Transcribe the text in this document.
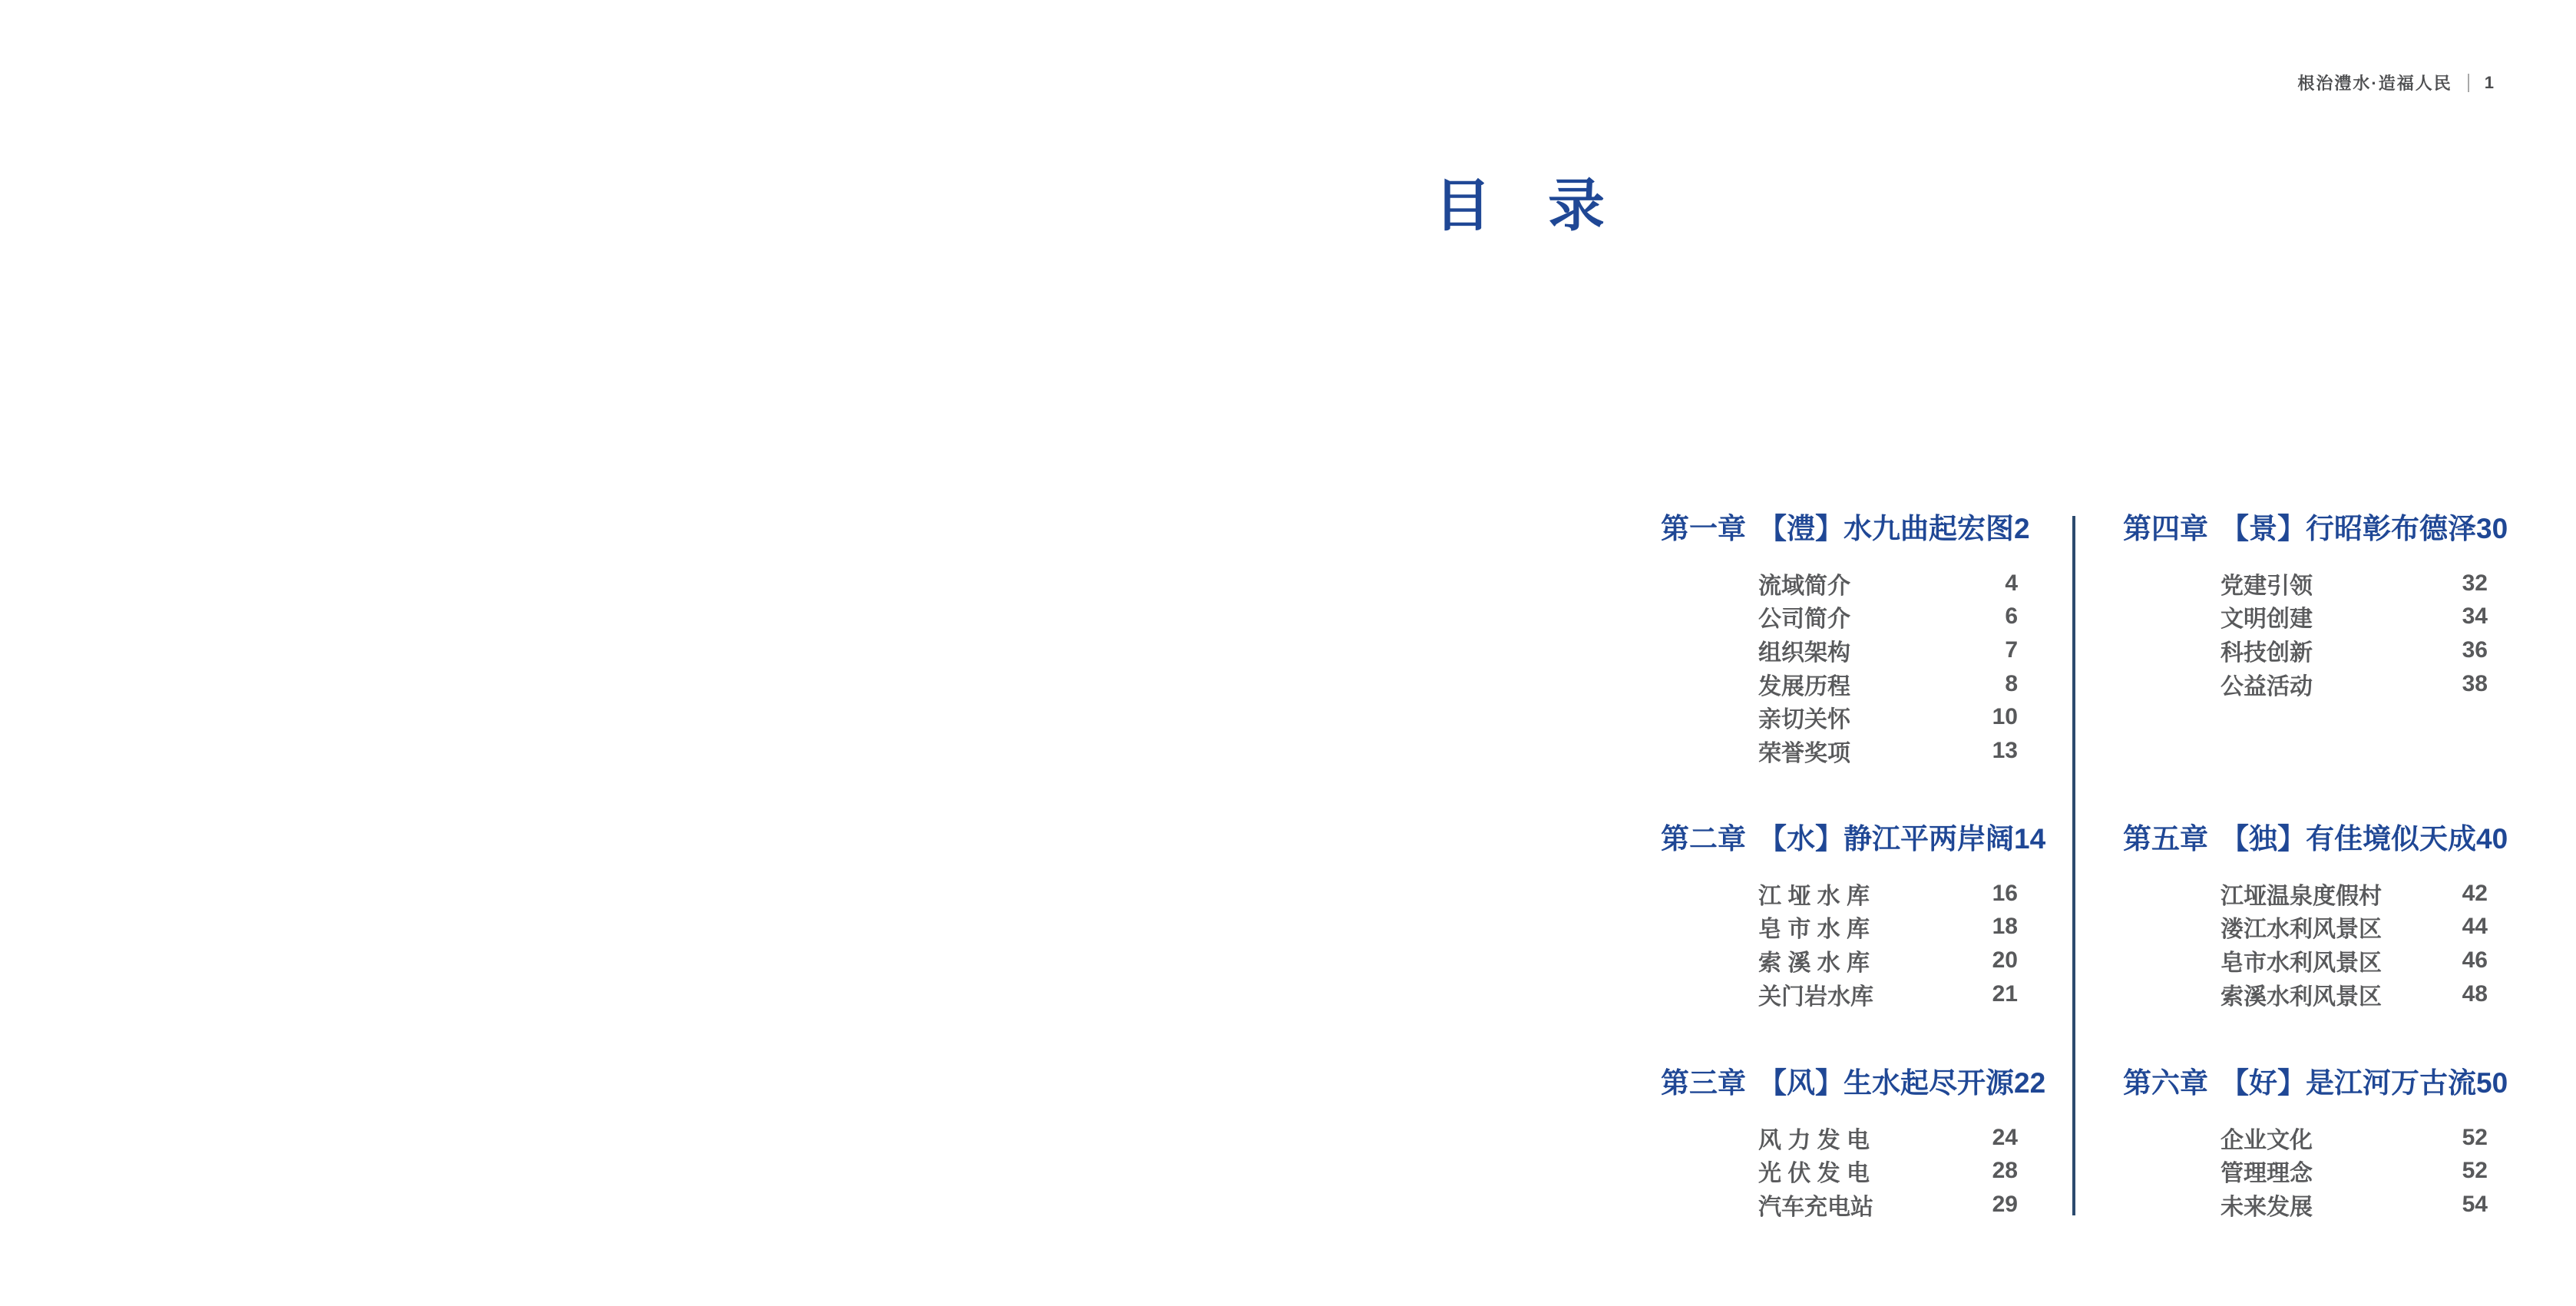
根治澧水·造福人民 1
目　录
第一章 【澧】水九曲起宏图 2
流域简介	4
公司简介	6
组织架构	7
发展历程	8
亲切关怀	10
荣誉奖项	13
第二章 【水】静江平两岸阔 14
江 垭 水 库	16
皂 市 水 库	18
索 溪 水 库	20
关门岩水库	21
第三章 【风】生水起尽开源 22
风 力 发 电	24
光 伏 发 电	28
汽车充电站	29
第四章 【景】行昭彰布德泽 30
党建引领	32
文明创建	34
科技创新	36
公益活动	38
第五章 【独】有佳境似天成 40
江垭温泉度假村	42
溇江水利风景区	44
皂市水利风景区	46
索溪水利风景区	48
第六章 【好】是江河万古流 50
企业文化	52
管理理念	52
未来发展	54
